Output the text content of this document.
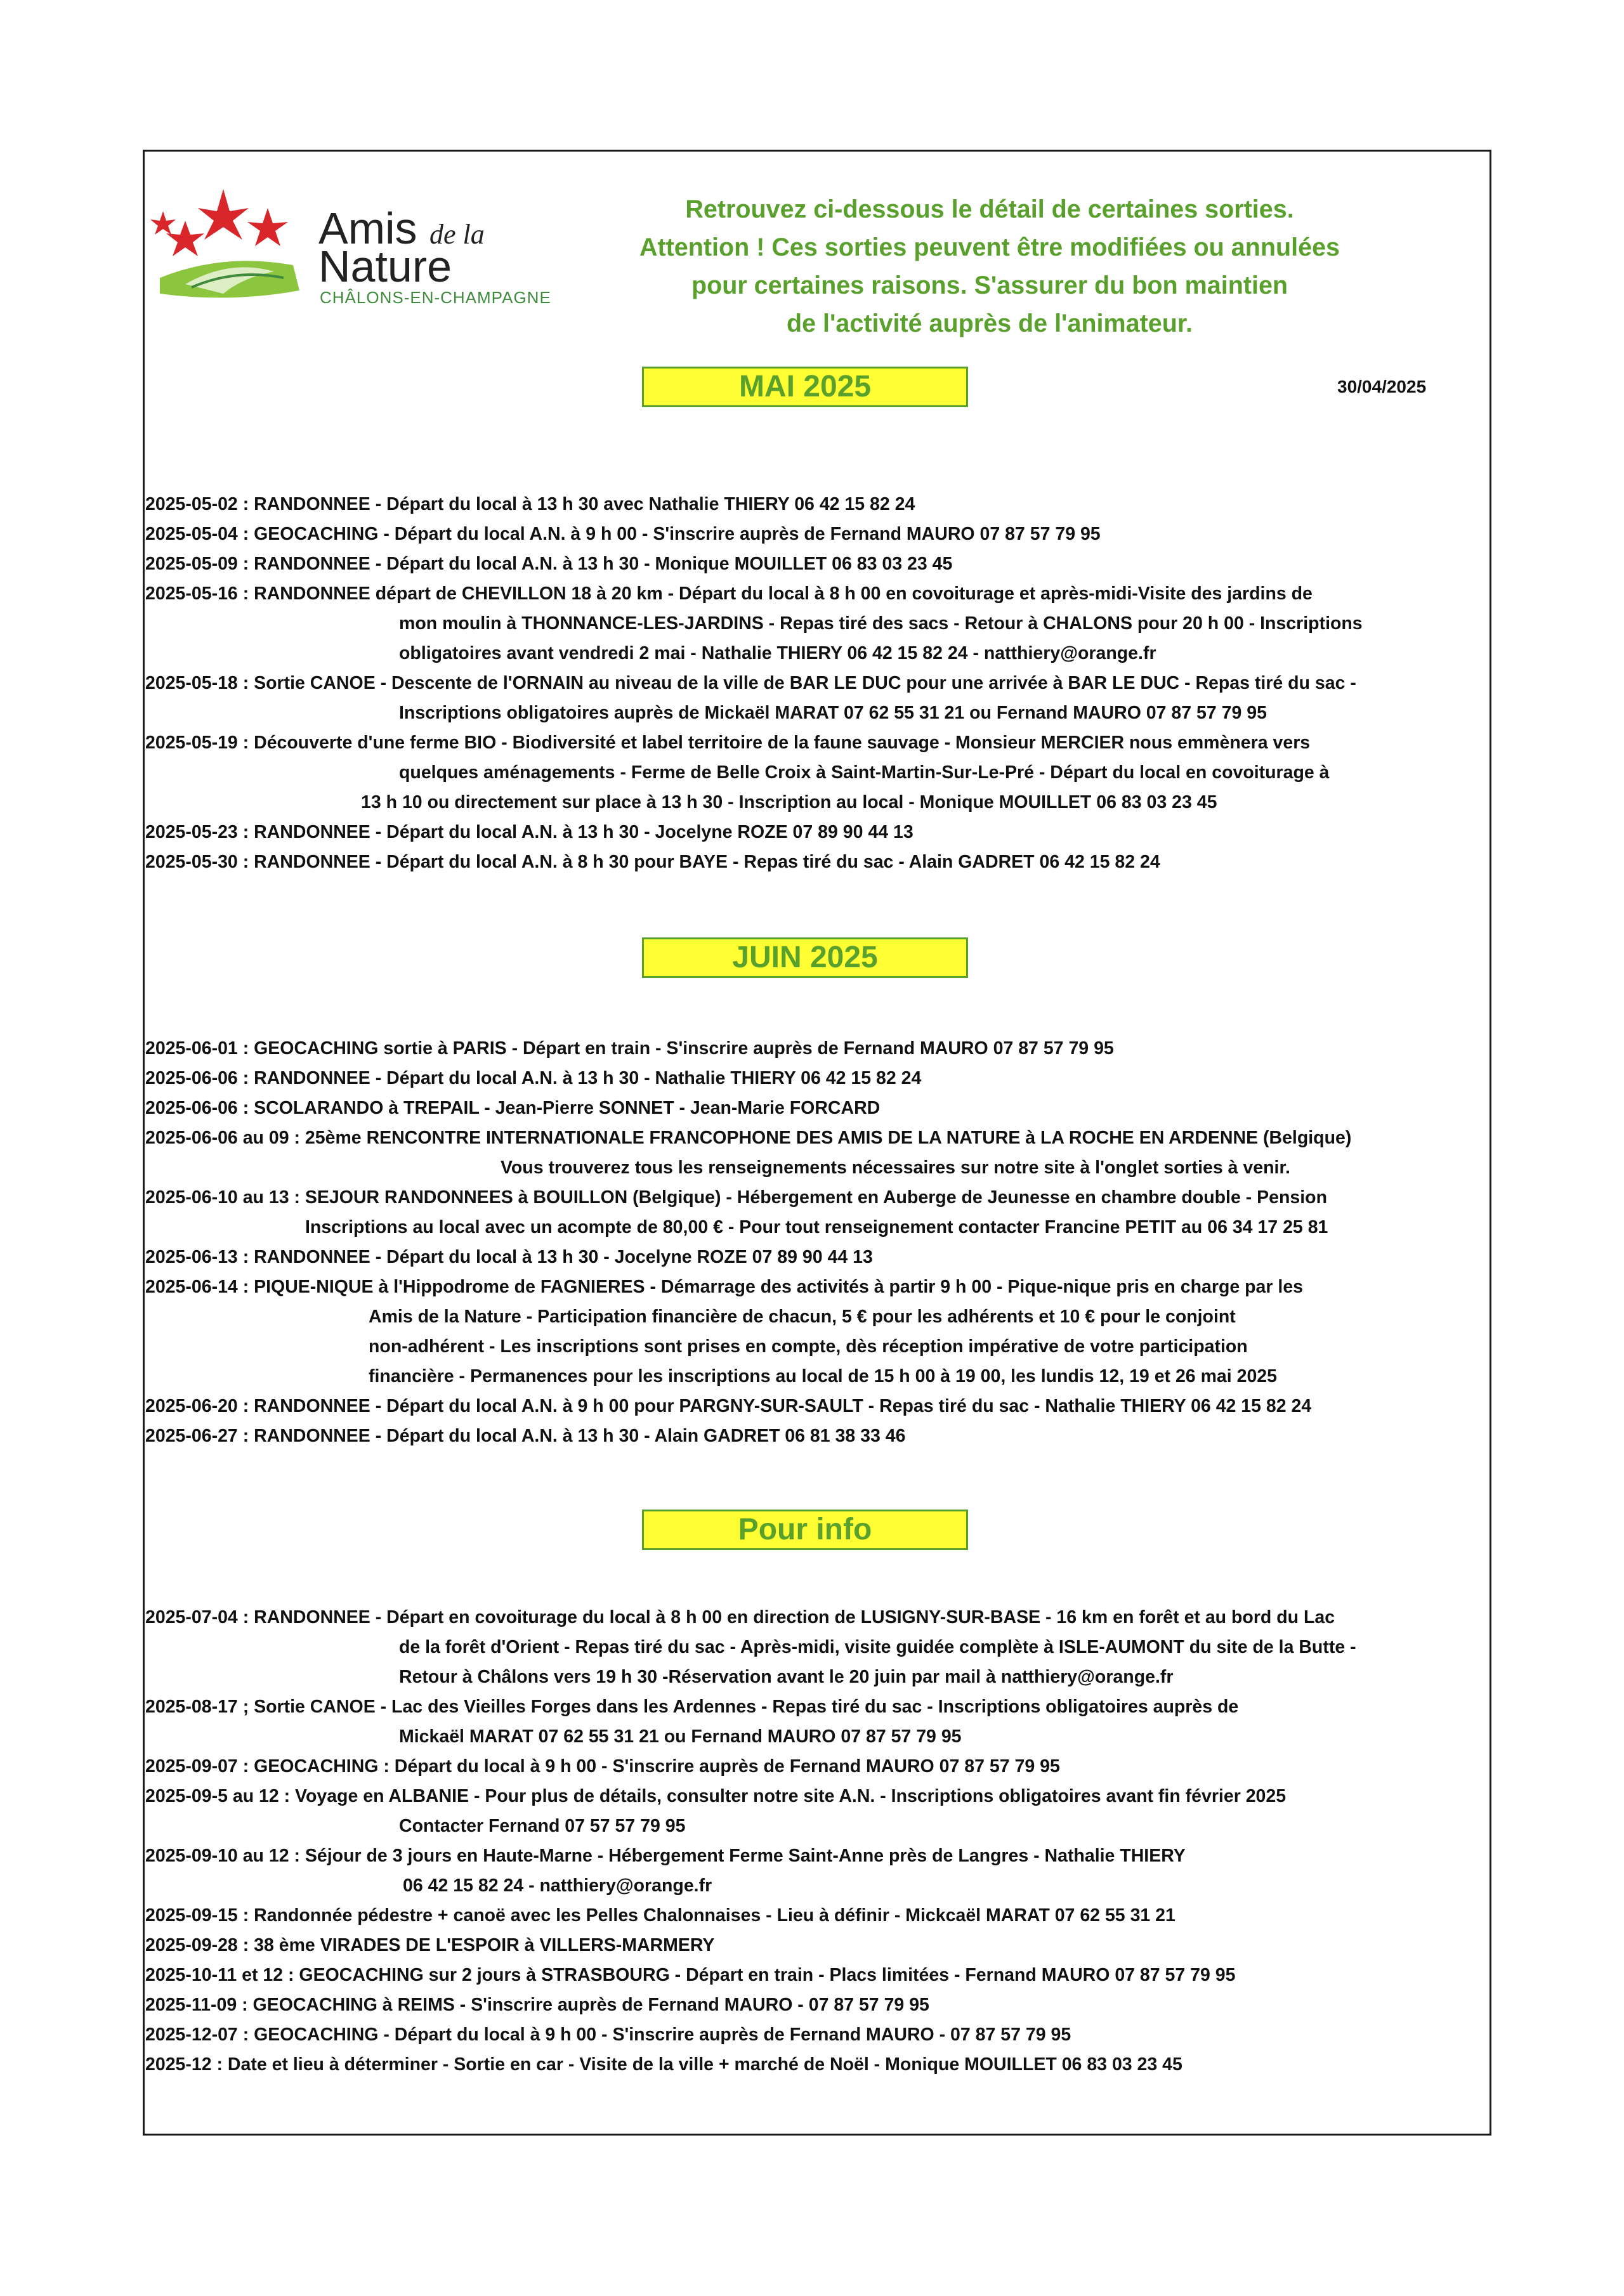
Amis de la
Nature
CHÂLONS-EN-CHAMPAGNE
Retrouvez ci-dessous le détail de certaines sorties.
Attention ! Ces sorties peuvent être modifiées ou annulées
pour certaines raisons. S'assurer du bon maintien
de l'activité auprès de l'animateur.
30/04/2025
MAI 2025
2025-05-02 : RANDONNEE - Départ du local à 13 h 30 avec Nathalie THIERY 06 42 15 82 24
2025-05-04 : GEOCACHING - Départ du local A.N. à 9 h 00 - S'inscrire auprès de Fernand MAURO 07 87 57 79 95
2025-05-09 : RANDONNEE - Départ du local A.N. à 13 h 30 - Monique MOUILLET 06 83 03 23 45
2025-05-16 : RANDONNEE départ de CHEVILLON 18 à 20 km - Départ du local à 8 h 00 en covoiturage et après-midi-Visite des jardins de
mon moulin à THONNANCE-LES-JARDINS - Repas tiré des sacs - Retour à CHALONS pour 20 h 00 - Inscriptions
obligatoires avant vendredi 2 mai - Nathalie THIERY 06 42 15 82 24 - natthiery@orange.fr
2025-05-18 : Sortie CANOE - Descente de l'ORNAIN au niveau de la ville de BAR LE DUC pour une arrivée à BAR LE DUC - Repas tiré du sac -
Inscriptions obligatoires auprès de Mickaël MARAT 07 62 55 31 21 ou Fernand MAURO 07 87 57 79 95
2025-05-19 : Découverte d'une ferme BIO - Biodiversité et label territoire de la faune sauvage - Monsieur MERCIER nous emmènera vers
quelques aménagements - Ferme de Belle Croix à Saint-Martin-Sur-Le-Pré - Départ du local en covoiturage à
13 h 10 ou directement sur place à 13 h 30 - Inscription au local - Monique MOUILLET 06 83 03 23 45
2025-05-23 : RANDONNEE - Départ du local A.N. à 13 h 30 - Jocelyne ROZE 07 89 90 44 13
2025-05-30 : RANDONNEE - Départ du local A.N. à 8 h 30 pour BAYE - Repas tiré du sac - Alain GADRET 06 42 15 82 24
JUIN 2025
2025-06-01 : GEOCACHING sortie à PARIS - Départ en train - S'inscrire auprès de Fernand MAURO 07 87 57 79 95
2025-06-06 : RANDONNEE - Départ du local A.N. à 13 h 30 - Nathalie THIERY 06 42 15 82 24
2025-06-06 : SCOLARANDO à TREPAIL - Jean-Pierre SONNET - Jean-Marie FORCARD
2025-06-06 au 09 : 25ème RENCONTRE INTERNATIONALE FRANCOPHONE DES AMIS DE LA NATURE à LA ROCHE EN ARDENNE (Belgique)
Vous trouverez tous les renseignements nécessaires sur notre site à l'onglet sorties à venir.
2025-06-10 au 13 : SEJOUR RANDONNEES à BOUILLON (Belgique) - Hébergement en Auberge de Jeunesse en chambre double - Pension
Inscriptions au local avec un acompte de 80,00 € - Pour tout renseignement contacter Francine PETIT au 06 34 17 25 81
2025-06-13 : RANDONNEE - Départ du local à 13 h 30 - Jocelyne ROZE 07 89 90 44 13
2025-06-14 : PIQUE-NIQUE à l'Hippodrome de FAGNIERES - Démarrage des activités à partir 9 h 00 - Pique-nique pris en charge par les
Amis de la Nature - Participation financière de chacun, 5 € pour les adhérents et 10 € pour le conjoint
non-adhérent - Les inscriptions sont prises en compte, dès réception impérative de votre participation
financière - Permanences pour les inscriptions au local de 15 h 00 à 19 00, les lundis 12, 19 et 26 mai 2025
2025-06-20 : RANDONNEE - Départ du local A.N. à 9 h 00 pour PARGNY-SUR-SAULT - Repas tiré du sac - Nathalie THIERY 06 42 15 82 24
2025-06-27 : RANDONNEE - Départ du local A.N. à 13 h 30 - Alain GADRET 06 81 38 33 46
Pour info
2025-07-04 : RANDONNEE - Départ en covoiturage du local à 8 h 00 en direction de LUSIGNY-SUR-BASE - 16 km en forêt et au bord du Lac
de la forêt d'Orient - Repas tiré du sac - Après-midi, visite guidée complète à ISLE-AUMONT du site de la Butte -
Retour à Châlons vers 19 h 30 -Réservation avant le 20 juin par mail à natthiery@orange.fr
2025-08-17 ; Sortie CANOE - Lac des Vieilles Forges dans les Ardennes - Repas tiré du sac - Inscriptions obligatoires auprès de
Mickaël MARAT 07 62 55 31 21 ou Fernand MAURO 07 87 57 79 95
2025-09-07 : GEOCACHING : Départ du local à 9 h 00 - S'inscrire auprès de Fernand MAURO 07 87 57 79 95
2025-09-5 au 12 : Voyage en ALBANIE - Pour plus de détails, consulter notre site A.N. - Inscriptions obligatoires avant fin février 2025
Contacter Fernand 07 57 57 79 95
2025-09-10 au 12 : Séjour de 3 jours en Haute-Marne - Hébergement Ferme Saint-Anne près de Langres - Nathalie THIERY
06 42 15 82 24 - natthiery@orange.fr
2025-09-15 : Randonnée pédestre + canoë avec les Pelles Chalonnaises - Lieu à définir - Mickcaël MARAT 07 62 55 31 21
2025-09-28 : 38 ème VIRADES DE L'ESPOIR à VILLERS-MARMERY
2025-10-11 et 12 : GEOCACHING sur 2 jours à STRASBOURG - Départ en train - Placs limitées - Fernand MAURO 07 87 57 79 95
2025-11-09 : GEOCACHING à REIMS - S'inscrire auprès de Fernand MAURO - 07 87 57 79 95
2025-12-07 : GEOCACHING - Départ du local à 9 h 00 - S'inscrire auprès de Fernand MAURO - 07 87 57 79 95
2025-12 : Date et lieu à déterminer - Sortie en car - Visite de la ville + marché de Noël - Monique MOUILLET 06 83 03 23 45
